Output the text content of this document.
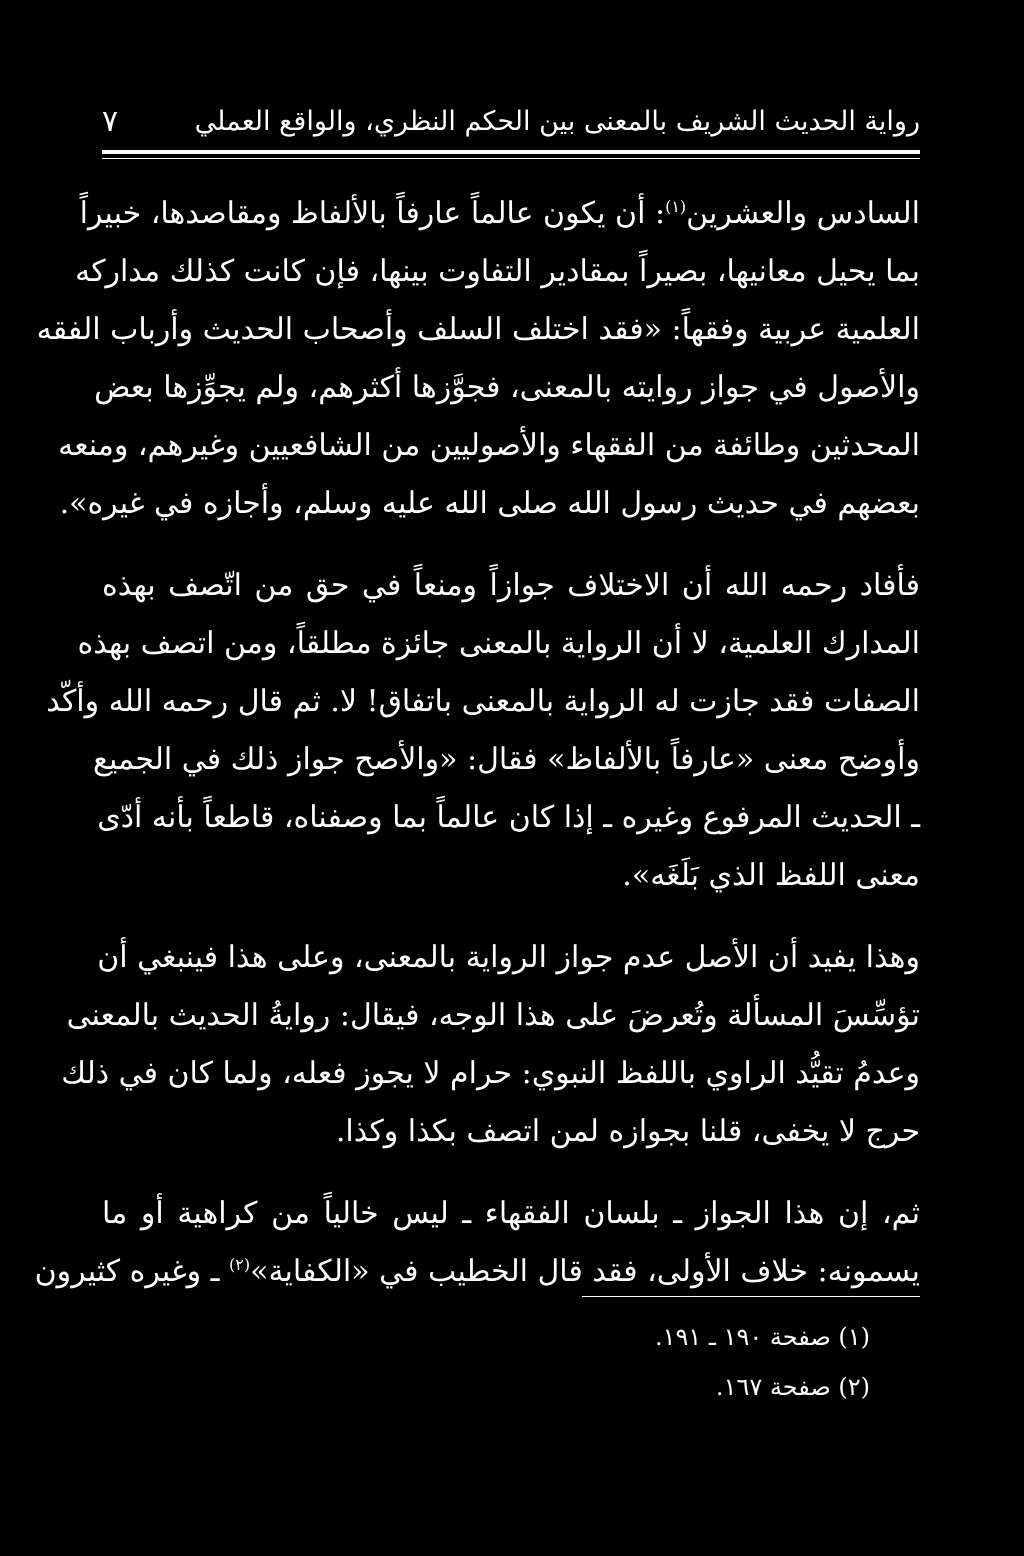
رواية الحديث الشريف بالمعنى بين الحكم النظري، والواقع العملي
٧

السادس والعشرين$^{(١)}$: أن يكون عالماً عارفاً بالألفاظ ومقاصدها، خبيراً
بما يحيل معانيها، بصيراً بمقادير التفاوت بينها، فإن كانت كذلك مداركه
العلمية عربية وفقهاً: «فقد اختلف السلف وأصحاب الحديث وأرباب الفقه
والأصول في جواز روايته بالمعنى، فجوَّزها أكثرهم، ولم يجوِّزها بعض
المحدثين وطائفة من الفقهاء والأصوليين من الشافعيين وغيرهم، ومنعه
بعضهم في حديث رسول الله صلى الله عليه وسلم، وأجازه في غيره».

فأفاد رحمه الله أن الاختلاف جوازاً ومنعاً في حق من اتّصف بهذه
المدارك العلمية، لا أن الرواية بالمعنى جائزة مطلقاً، ومن اتصف بهذه
الصفات فقد جازت له الرواية بالمعنى باتفاق! لا. ثم قال رحمه الله وأكّد
وأوضح معنى «عارفاً بالألفاظ» فقال: «والأصح جواز ذلك في الجميع
ـ الحديث المرفوع وغيره ـ إذا كان عالماً بما وصفناه، قاطعاً بأنه أدّى
معنى اللفظ الذي بَلَغَه».

وهذا يفيد أن الأصل عدم جواز الرواية بالمعنى، وعلى هذا فينبغي أن
تؤسِّسَ المسألة وتُعرضَ على هذا الوجه، فيقال: روايةُ الحديث بالمعنى
وعدمُ تقيُّد الراوي باللفظ النبوي: حرام لا يجوز فعله، ولما كان في ذلك
حرج لا يخفى، قلنا بجوازه لمن اتصف بكذا وكذا.

ثم، إن هذا الجواز ـ بلسان الفقهاء ـ ليس خالياً من كراهية أو ما
يسمونه: خلاف الأولى، فقد قال الخطيب في «الكفاية»$^{(٢)}$ ـ وغيره كثيرون

(١) صفحة ١٩٠ ـ ١٩١.
(٢) صفحة ١٦٧.
